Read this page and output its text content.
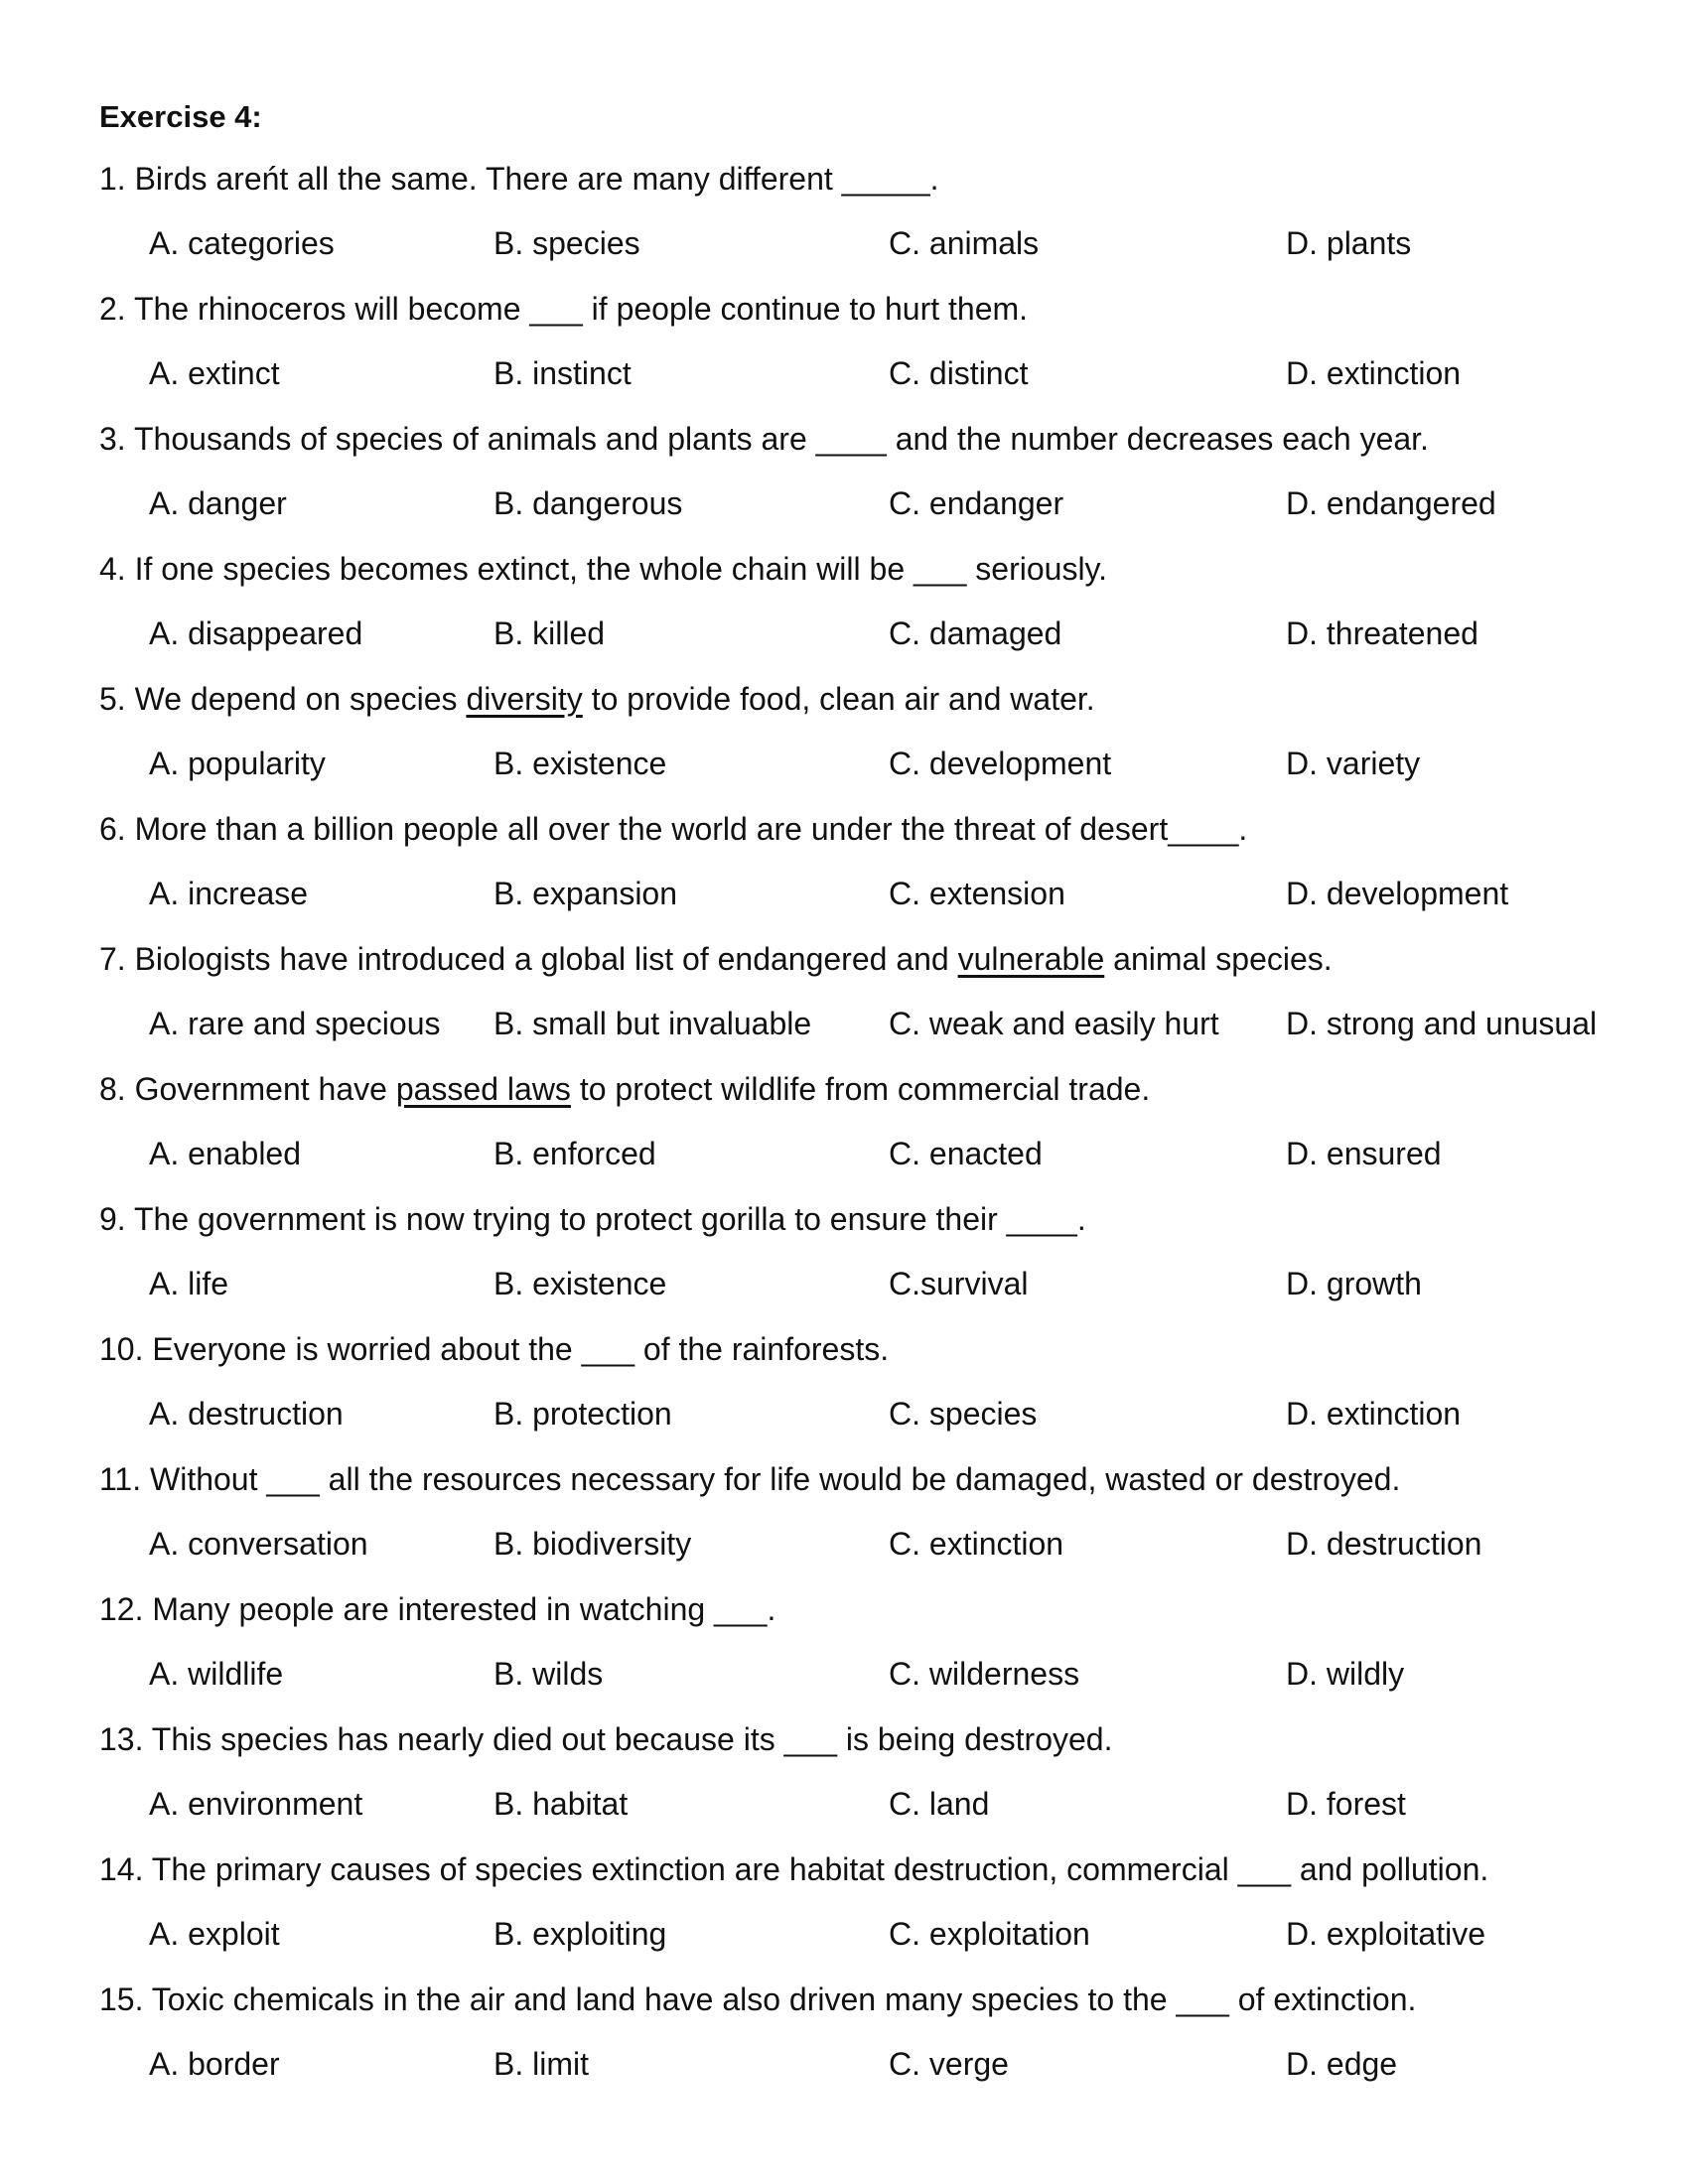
Exercise 4:
1. Birds areńt all the same. There are many different _____.
A. categories	B. species	C. animals	D. plants
2. The rhinoceros will become ___ if people continue to hurt them.
A. extinct	B. instinct	C. distinct	D. extinction
3. Thousands of species of animals and plants are ____ and the number decreases each year.
A. danger	B. dangerous	C. endanger	D. endangered
4. If one species becomes extinct, the whole chain will be ___ seriously.
A. disappeared	B. killed	C. damaged	D. threatened
5. We depend on species diversity to provide food, clean air and water.
A. popularity	B. existence	C. development	D. variety
6. More than a billion people all over the world are under the threat of desert____.
A. increase	B. expansion	C. extension	D. development
7. Biologists have introduced a global list of endangered and vulnerable animal species.
A. rare and specious B. small but invaluable C. weak and easily hurt D. strong and unusual
8. Government have passed laws to protect wildlife from commercial trade.
A. enabled	B. enforced	C. enacted	D. ensured
9. The government is now trying to protect gorilla to ensure their ____.
A. life	B. existence	C.survival	D. growth
10. Everyone is worried about the ___ of the rainforests.
A. destruction	B. protection	C. species	D. extinction
11. Without ___ all the resources necessary for life would be damaged, wasted or destroyed.
A. conversation	B. biodiversity	C. extinction	D. destruction
12. Many people are interested in watching ___.
A. wildlife	B. wilds	C. wilderness	D. wildly
13. This species has nearly died out because its ___ is being destroyed.
A. environment	B. habitat	C. land	D. forest
14. The primary causes of species extinction are habitat destruction, commercial ___ and pollution.
A. exploit	B. exploiting	C. exploitation	D. exploitative
15. Toxic chemicals in the air and land have also driven many species to the ___ of extinction.
A. border	B. limit	C. verge	D. edge
